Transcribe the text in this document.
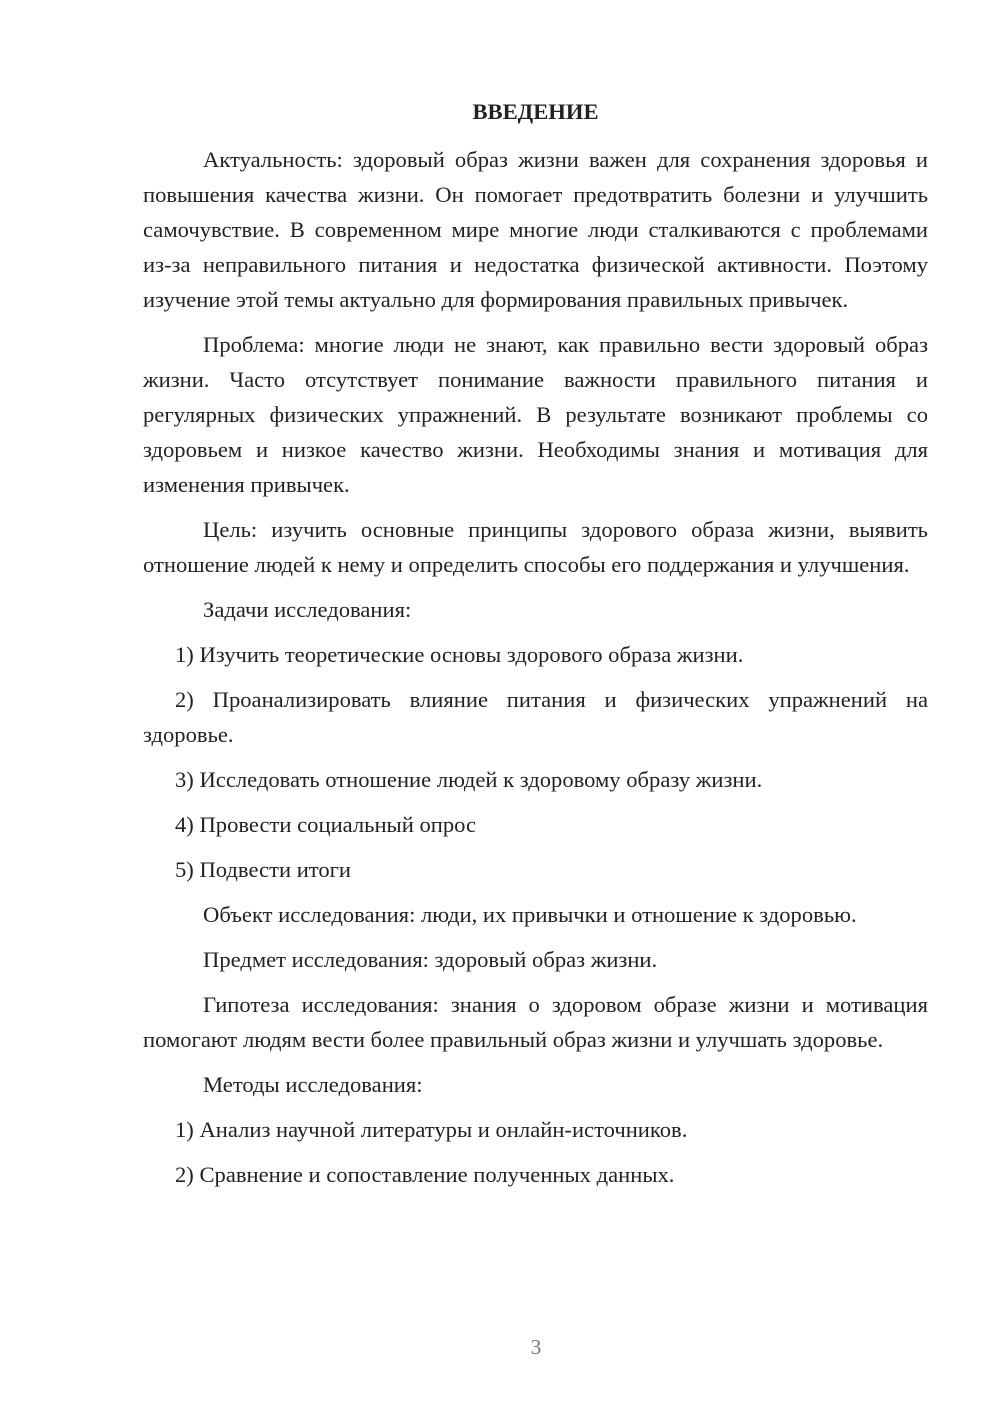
ВВЕДЕНИЕ

Актуальность: здоровый образ жизни важен для сохранения здоровья и повышения качества жизни. Он помогает предотвратить болезни и улучшить самочувствие. В современном мире многие люди сталкиваются с проблемами из-за неправильного питания и недостатка физической активности. Поэтому изучение этой темы актуально для формирования правильных привычек.

Проблема: многие люди не знают, как правильно вести здоровый образ жизни. Часто отсутствует понимание важности правильного питания и регулярных физических упражнений. В результате возникают проблемы со здоровьем и низкое качество жизни. Необходимы знания и мотивация для изменения привычек.

Цель: изучить основные принципы здорового образа жизни, выявить отношение людей к нему и определить способы его поддержания и улучшения.

Задачи исследования:

1) Изучить теоретические основы здорового образа жизни.

2) Проанализировать влияние питания и физических упражнений на здоровье.

3) Исследовать отношение людей к здоровому образу жизни.

4) Провести социальный опрос

5) Подвести итоги

Объект исследования: люди, их привычки и отношение к здоровью.

Предмет исследования: здоровый образ жизни.

Гипотеза исследования: знания о здоровом образе жизни и мотивация помогают людям вести более правильный образ жизни и улучшать здоровье.

Методы исследования:

1) Анализ научной литературы и онлайн-источников.

2) Сравнение и сопоставление полученных данных.

3
